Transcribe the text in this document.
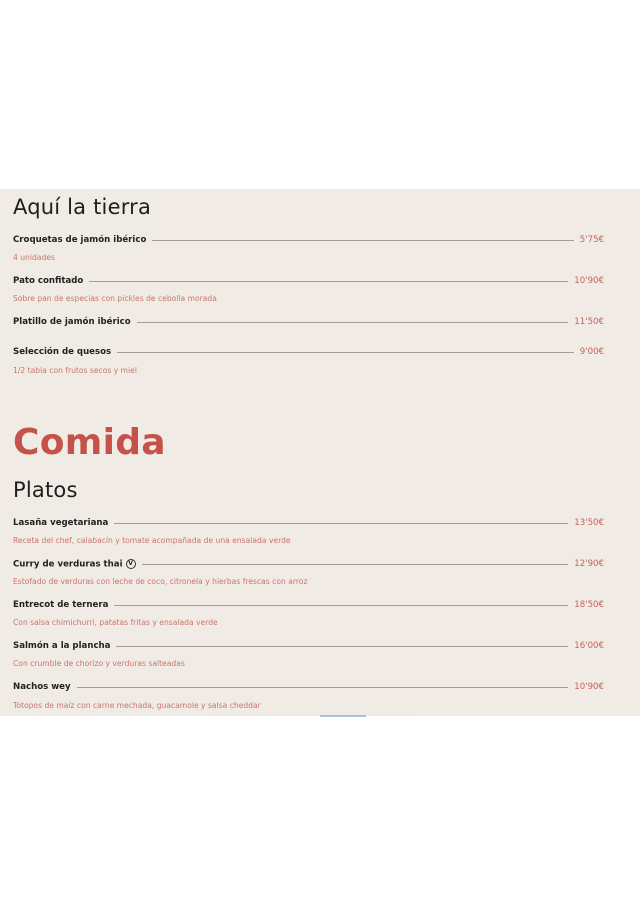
Aquí la tierra
Croquetas de jamón ibérico	5'75€
4 unidades
Pato confitado	10'90€
Sobre pan de especias con pickles de cebolla morada
Platillo de jamón ibérico	11'50€
Selección de quesos	9'00€
1/2 tabla con frutos secos y miel
Comida
Platos
Lasaña vegetariana	13'50€
Receta del chef, calabacín y tomate acompañada de una ensalada verde
Curry de verduras thai V	12'90€
Estofado de verduras con leche de coco, citronela y hierbas frescas con arroz
Entrecot de ternera	18'50€
Con salsa chimichurri, patatas fritas y ensalada verde
Salmón a la plancha	16'00€
Con crumble de chorizo y verduras salteadas
Nachos wey	10'90€
Totopos de maíz con carne mechada, guacamole y salsa cheddar
